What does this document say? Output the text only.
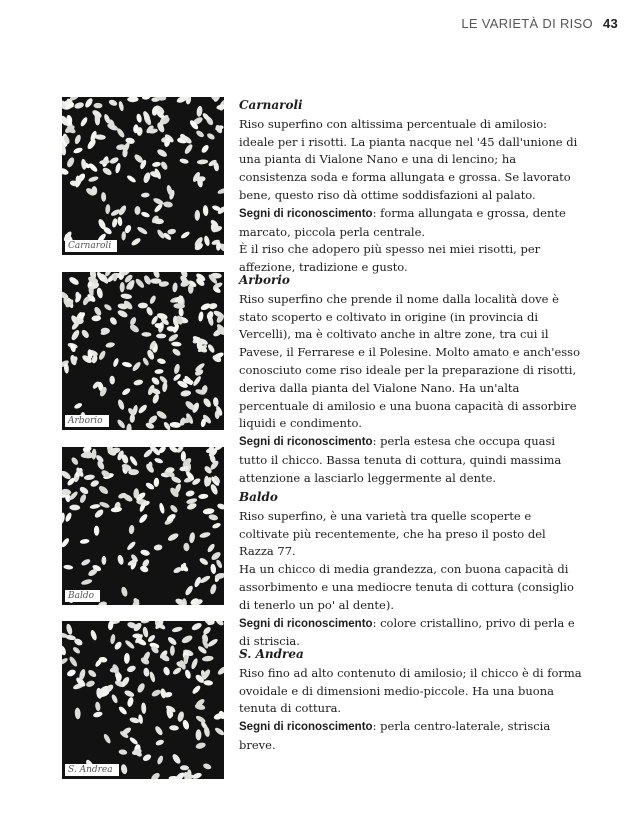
LE VARIETÀ DI RISO 43
Carnaroli
Carnaroli

Riso superfino con altissima percentuale di amilosio: ideale per i risotti. La pianta nacque nel '45 dall'unione di una pianta di Vialone Nano e una di lencino; ha consistenza soda e forma allungata e grossa. Se lavorato bene, questo riso dà ottime soddisfazioni al palato.

Segni di riconoscimento: forma allungata e grossa, dente marcato, piccola perla centrale.

È il riso che adopero più spesso nei miei risotti, per affezione, tradizione e gusto.

Arborio
Arborio

Riso superfino che prende il nome dalla località dove è stato scoperto e coltivato in origine (in provincia di Vercelli), ma è coltivato anche in altre zone, tra cui il Pavese, il Ferrarese e il Polesine. Molto amato e anch'esso conosciuto come riso ideale per la preparazione di risotti, deriva dalla pianta del Vialone Nano. Ha un'alta percentuale di amilosio e una buona capacità di assorbire liquidi e condimento.

Segni di riconoscimento: perla estesa che occupa quasi tutto il chicco. Bassa tenuta di cottura, quindi massima attenzione a lasciarlo leggermente al dente.

Baldo
Baldo

Riso superfino, è una varietà tra quelle scoperte e coltivate più recentemente, che ha preso il posto del Razza 77.

Ha un chicco di media grandezza, con buona capacità di assorbimento e una mediocre tenuta di cottura (consiglio di tenerlo un po' al dente).

Segni di riconoscimento: colore cristallino, privo di perla e di striscia.

S. Andrea
S. Andrea

Riso fino ad alto contenuto di amilosio; il chicco è di forma ovoidale e di dimensioni medio-piccole. Ha una buona tenuta di cottura.

Segni di riconoscimento: perla centro-laterale, striscia breve.
